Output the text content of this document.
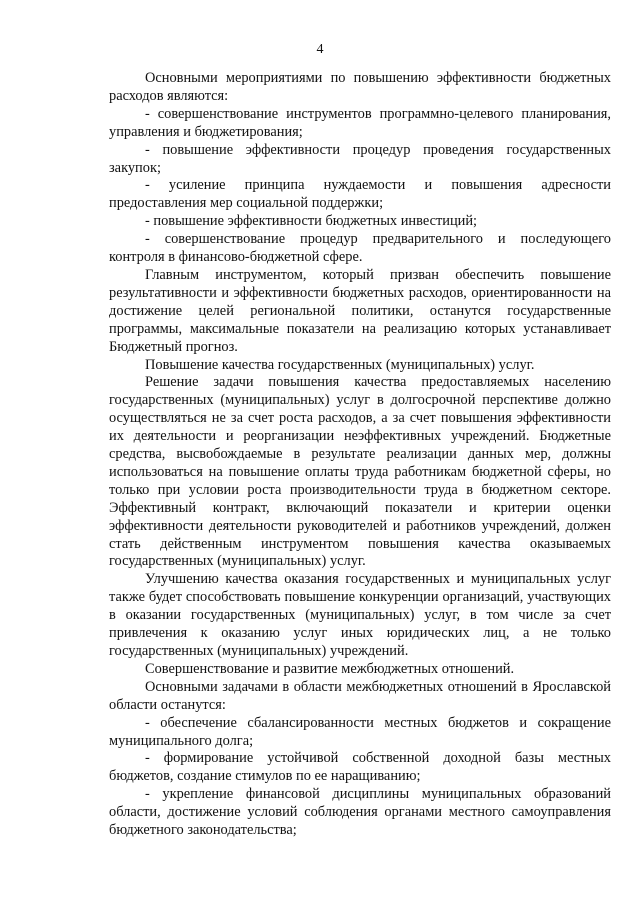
4

Основными мероприятиями по повышению эффективности бюджетных расходов являются:

- совершенствование инструментов программно-целевого планирования, управления и бюджетирования;

- повышение эффективности процедур проведения государственных закупок;

- усиление принципа нуждаемости и повышения адресности предоставления мер социальной поддержки;

- повышение эффективности бюджетных инвестиций;

- совершенствование процедур предварительного и последующего контроля в финансово-бюджетной сфере.

Главным инструментом, который призван обеспечить повышение результативности и эффективности бюджетных расходов, ориентированности на достижение целей региональной политики, останутся государственные программы, максимальные показатели на реализацию которых устанавливает Бюджетный прогноз.

Повышение качества государственных (муниципальных) услуг.

Решение задачи повышения качества предоставляемых населению государственных (муниципальных) услуг в долгосрочной перспективе должно осуществляться не за счет роста расходов, а за счет повышения эффективности их деятельности и реорганизации неэффективных учреждений. Бюджетные средства, высвобождаемые в результате реализации данных мер, должны использоваться на повышение оплаты труда работникам бюджетной сферы, но только при условии роста производительности труда в бюджетном секторе. Эффективный контракт, включающий показатели и критерии оценки эффективности деятельности руководителей и работников учреждений, должен стать действенным инструментом повышения качества оказываемых государственных (муниципальных) услуг.

Улучшению качества оказания государственных и муниципальных услуг также будет способствовать повышение конкуренции организаций, участвующих в оказании государственных (муниципальных) услуг, в том числе за счет привлечения к оказанию услуг иных юридических лиц, а не только государственных (муниципальных) учреждений.

Совершенствование и развитие межбюджетных отношений.

Основными задачами в области межбюджетных отношений в Ярославской области останутся:

- обеспечение сбалансированности местных бюджетов и сокращение муниципального долга;

- формирование устойчивой собственной доходной базы местных бюджетов, создание стимулов по ее наращиванию;

- укрепление финансовой дисциплины муниципальных образований области, достижение условий соблюдения органами местного самоуправления бюджетного законодательства;
